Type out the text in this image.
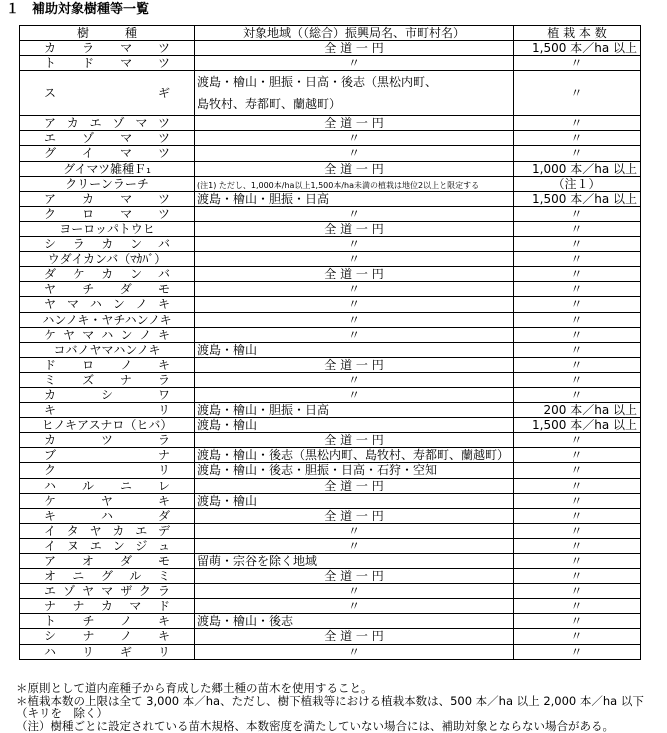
１　補助対象樹種等一覧
樹　　　種	対象地域（（総合）振興局名、市町村名）	植 栽 本 数

カラマツ	全 道 一 円	1,500 本／ha 以上

トドマツ	〃	〃

スギ	渡島・檜山・胆振・日高・後志（黒松内町、
島牧村、寿都町、蘭越町）	〃

アカエゾマツ	全 道 一 円	〃

エゾマツ	〃	〃

グイマツ	〃	〃

グイマツ雑種Ｆ₁	全 道 一 円	1,000 本／ha 以上

クリーンラーチ	(注1) ただし、1,000本/ha以上1,500本/ha未満の植栽は地位2以上と限定する	（注１）

アカマツ	渡島・檜山・胆振・日高	1,500 本／ha 以上

クロマツ	〃	〃

ヨーロッパトウヒ	全 道 一 円	〃

シラカンバ	〃	〃

ウダイカンバ（ﾏｶﾊﾞ）	〃	〃

ダケカンバ	全 道 一 円	〃

ヤチダモ	〃	〃

ヤマハンノキ	〃	〃

ハンノキ・ヤチハンノキ	〃	〃

ケヤマハンノキ	〃	〃

コバノヤマハンノキ	渡島・檜山	〃

ドロノキ	全 道 一 円	〃

ミズナラ	〃	〃

カシワ	〃	〃

キリ	渡島・檜山・胆振・日高	200 本／ha 以上

ヒノキアスナロ（ヒバ）	渡島・檜山	1,500 本／ha 以上

カツラ	全 道 一 円	〃

ブナ	渡島・檜山・後志（黒松内町、島牧村、寿都町、蘭越町）	〃

クリ	渡島・檜山・後志・胆振・日高・石狩・空知	〃

ハルニレ	全 道 一 円	〃

ケヤキ	渡島・檜山	〃

キハダ	全 道 一 円	〃

イタヤカエデ	〃	〃

イヌエンジュ	〃	〃

アオダモ	留萌・宗谷を除く地域	〃

オニグルミ	全 道 一 円	〃

エゾヤマザクラ	〃	〃

ナナカマド	〃	〃

トチノキ	渡島・檜山・後志	〃

シナノキ	全 道 一 円	〃

ハリギリ	〃	〃
＊原則として道内産種子から育成した郷土種の苗木を使用すること。
＊植栽本数の上限は全て 3,000 本／ha、ただし、樹下植栽等における植栽本数は、500 本／ha 以上 2,000 本／ha 以下
（キリを　除く）
（注）樹種ごとに設定されている苗木規格、本数密度を満たしていない場合には、補助対象とならない場合がある。
